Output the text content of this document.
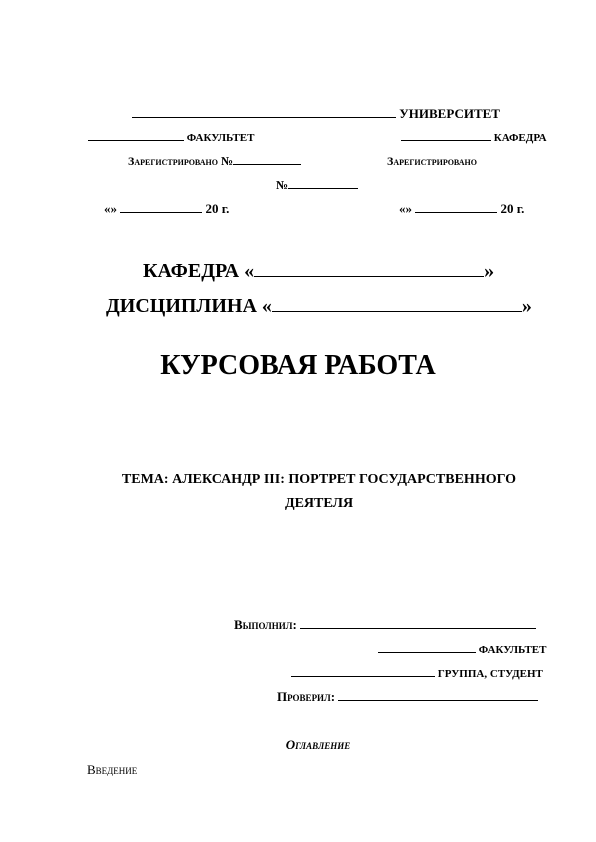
УНИВЕРСИТЕТ
ФАКУЛЬТЕТ	КАФЕДРА
Зарегистрировано №	Зарегистрировано
№
«»	20 г.	«»	20 г.
КАФЕДРА «	»
ДИСЦИПЛИНА «	»
КУРСОВАЯ РАБОТА
ТЕМА: АЛЕКСАНДР III: ПОРТРЕТ ГОСУДАРСТВЕННОГО
ДЕЯТЕЛЯ
Выполнил:
ФАКУЛЬТЕТ
ГРУППА, СТУДЕНТ
Проверил:
Оглавление
Введение
